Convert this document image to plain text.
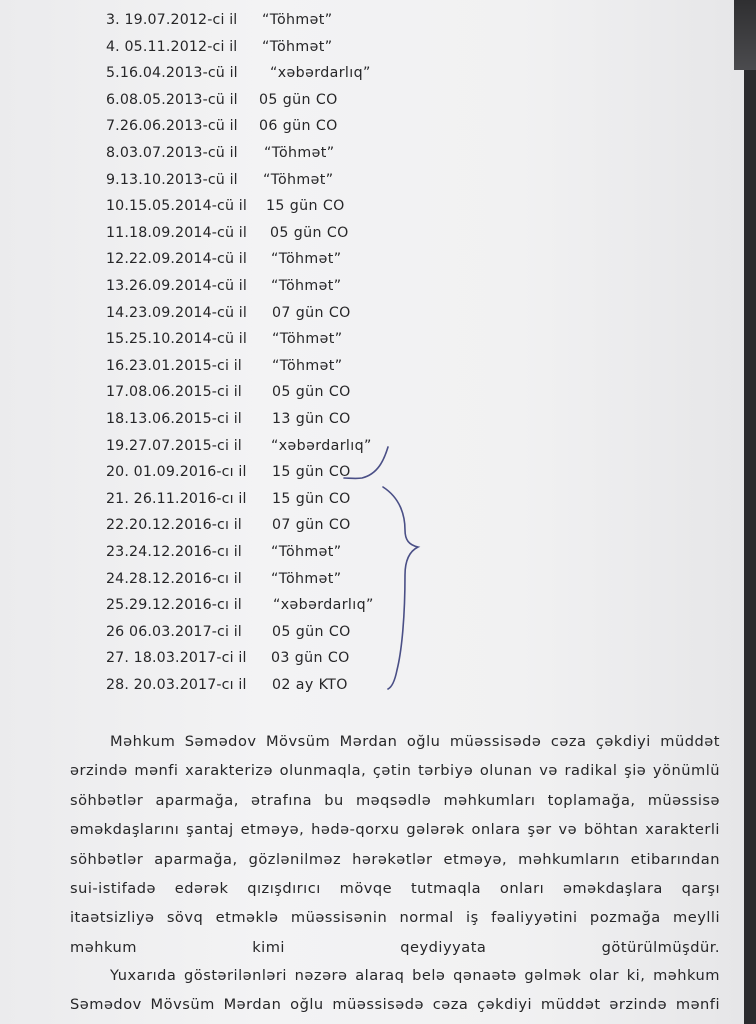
3. 19.07.2012-ci il “Töhmət”
4. 05.11.2012-ci il “Töhmət”
5.16.04.2013-cü il “xəbərdarlıq”
6.08.05.2013-cü il 05 gün CO
7.26.06.2013-cü il 06 gün CO
8.03.07.2013-cü il “Töhmət”
9.13.10.2013-cü il “Töhmət”
10.15.05.2014-cü il 15 gün CO
11.18.09.2014-cü il 05 gün CO
12.22.09.2014-cü il “Töhmət”
13.26.09.2014-cü il “Töhmət”
14.23.09.2014-cü il 07 gün CO
15.25.10.2014-cü il “Töhmət”
16.23.01.2015-ci il “Töhmət”
17.08.06.2015-ci il 05 gün CO
18.13.06.2015-ci il 13 gün CO
19.27.07.2015-ci il “xəbərdarlıq”
20. 01.09.2016-cı il 15 gün CO
21. 26.11.2016-cı il 15 gün CO
22.20.12.2016-cı il 07 gün CO
23.24.12.2016-cı il “Töhmət”
24.28.12.2016-cı il “Töhmət”
25.29.12.2016-cı il “xəbərdarlıq”
26 06.03.2017-ci il 05 gün CO
27. 18.03.2017-ci il 03 gün CO
28. 20.03.2017-cı il 02 ay KTO
Məhkum Səmədov Mövsüm Mərdan oğlu müəssisədə cəza çəkdiyi müddət ərzində mənfi xarakterizə olunmaqla, çətin tərbiyə olunan və radikal şiə yönümlü söhbətlər aparmağa, ətrafına bu məqsədlə məhkumları toplamağa, müəssisə əməkdaşlarını şantaj etməyə, hədə-qorxu gələrək onlara şər və böhtan xarakterli söhbətlər aparmağa, gözlənilməz hərəkətlər etməyə, məhkumların etibarından sui-istifadə edərək qızışdırıcı mövqe tutmaqla onları əməkdaşlara qarşı itaətsizliyə sövq etməklə müəssisənin normal iş fəaliyyətini pozmağa meylli məhkum kimi qeydiyyata götürülmüşdür.
Yuxarıda göstərilənləri nəzərə alaraq belə qənaətə gəlmək olar ki, məhkum Səmədov Mövsüm Mərdan oğlu müəssisədə cəza çəkdiyi müddət ərzində mənfi
